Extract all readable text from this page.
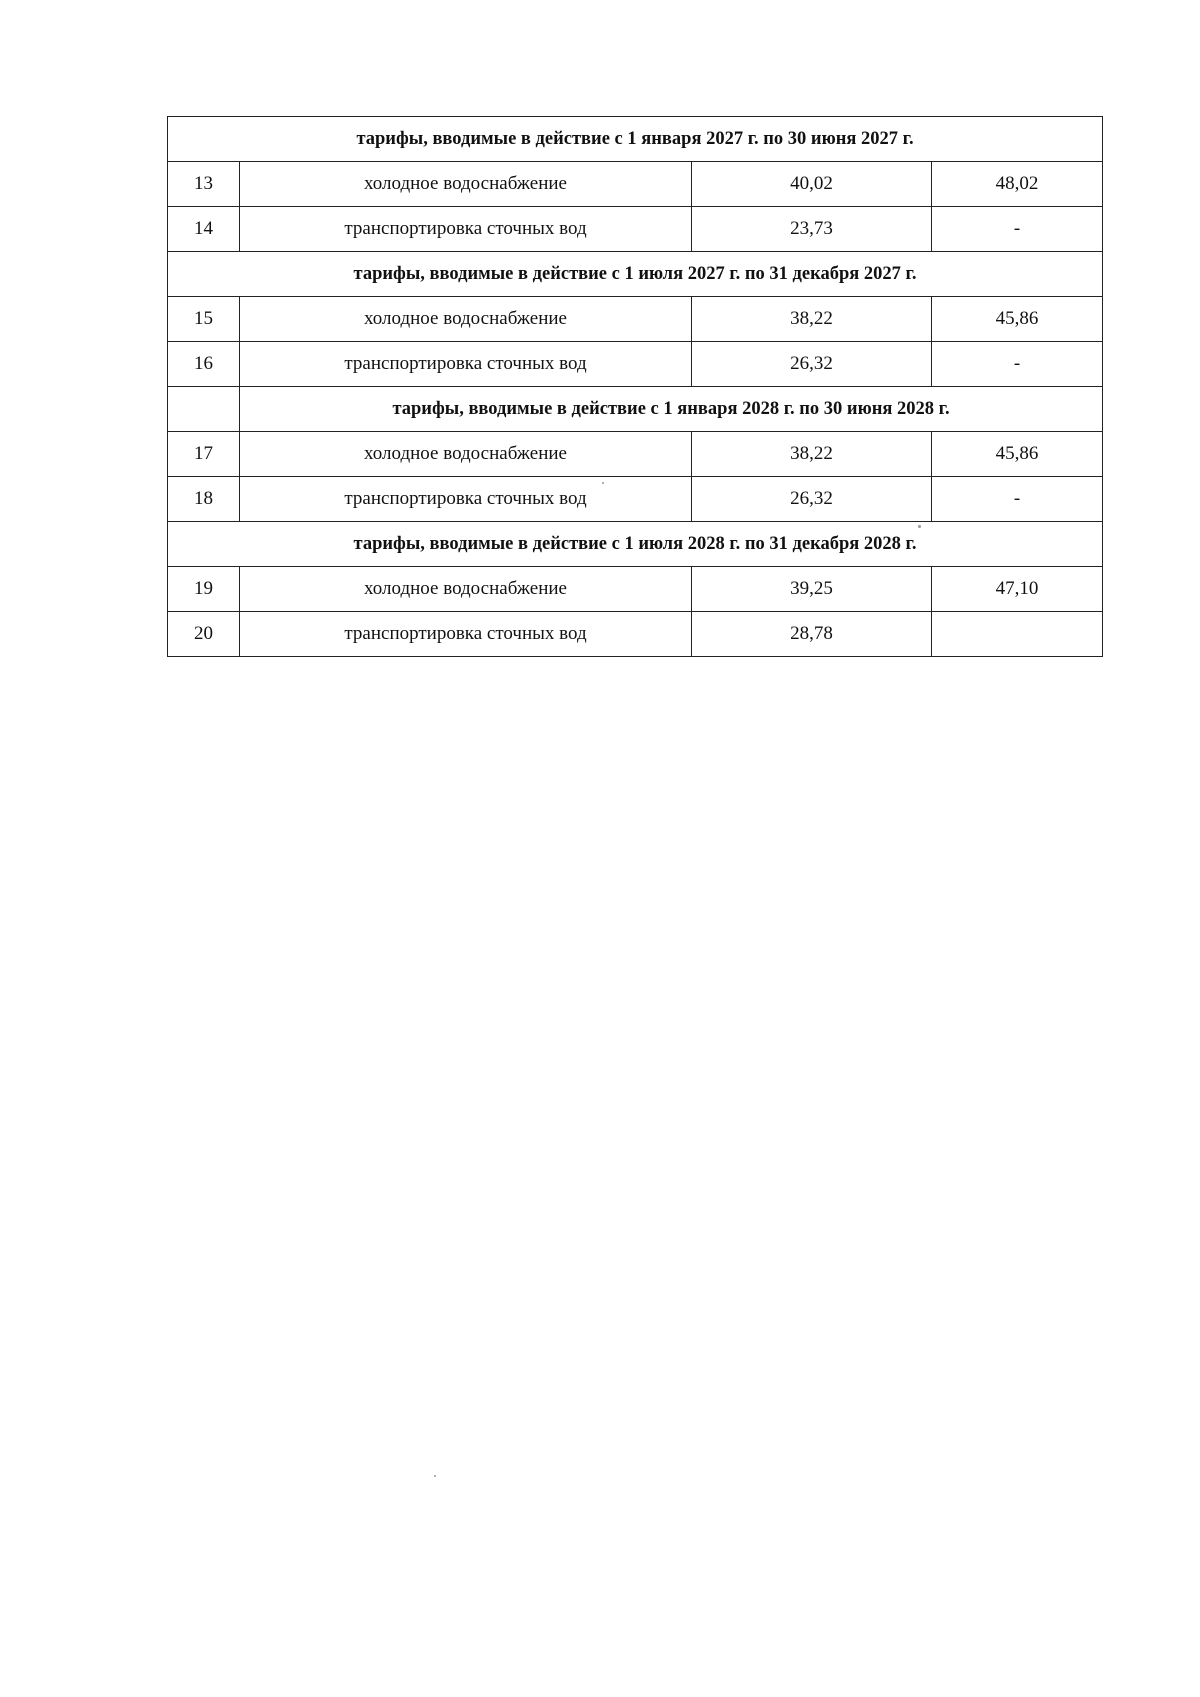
тарифы, вводимые в действие с 1 января 2027 г. по 30 июня 2027 г.			
13	холодное водоснабжение	40,02	48,02
14	транспортировка сточных вод	23,73	-
тарифы, вводимые в действие с 1 июля 2027 г. по 31 декабря 2027 г.			
15	холодное водоснабжение	38,22	45,86
16	транспортировка сточных вод	26,32	-
	тарифы, вводимые в действие с 1 января 2028 г. по 30 июня 2028 г.		
17	холодное водоснабжение	38,22	45,86
18	транспортировка сточных вод	26,32	-
тарифы, вводимые в действие с 1 июля 2028 г. по 31 декабря 2028 г.			
19	холодное водоснабжение	39,25	47,10
20	транспортировка сточных вод	28,78	
